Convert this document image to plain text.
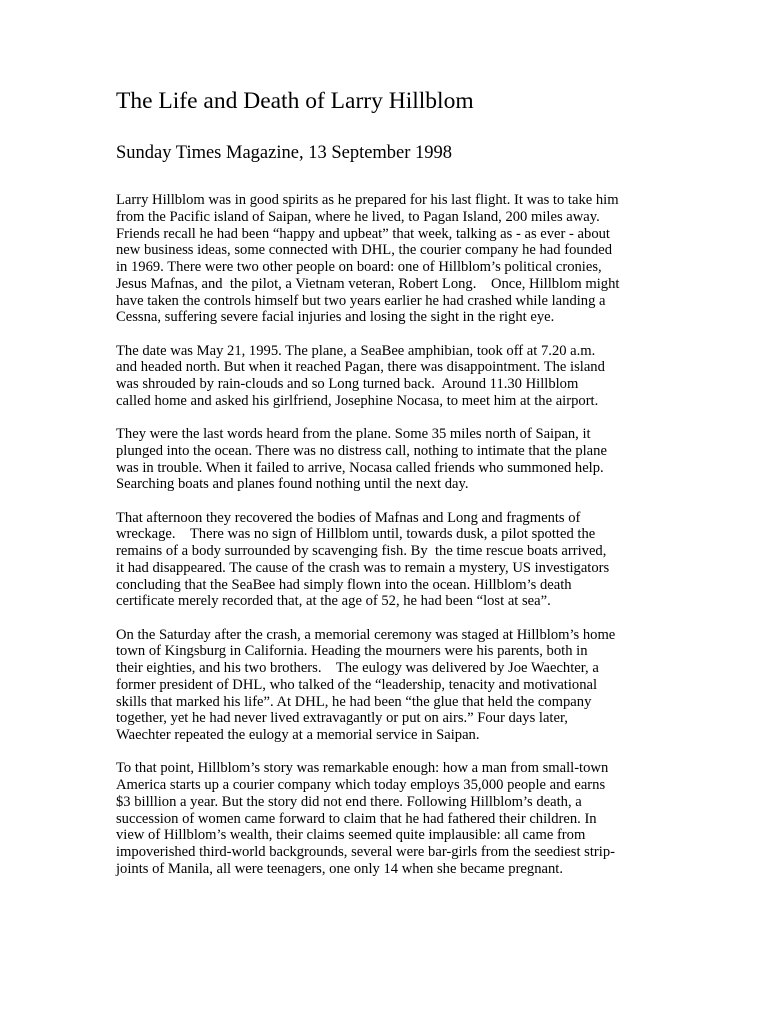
The Life and Death of Larry Hillblom
Sunday Times Magazine, 13 September 1998

Larry Hillblom was in good spirits as he prepared for his last flight. It was to take him
from the Pacific island of Saipan, where he lived, to Pagan Island, 200 miles away.
Friends recall he had been “happy and upbeat” that week, talking as - as ever - about
new business ideas, some connected with DHL, the courier company he had founded
in 1969. There were two other people on board: one of Hillblom’s political cronies,
Jesus Mafnas, and  the pilot, a Vietnam veteran, Robert Long.    Once, Hillblom might
have taken the controls himself but two years earlier he had crashed while landing a
Cessna, suffering severe facial injuries and losing the sight in the right eye.

The date was May 21, 1995. The plane, a SeaBee amphibian, took off at 7.20 a.m.
and headed north. But when it reached Pagan, there was disappointment. The island
was shrouded by rain-clouds and so Long turned back.  Around 11.30 Hillblom
called home and asked his girlfriend, Josephine Nocasa, to meet him at the airport.

They were the last words heard from the plane. Some 35 miles north of Saipan, it
plunged into the ocean. There was no distress call, nothing to intimate that the plane
was in trouble. When it failed to arrive, Nocasa called friends who summoned help.
Searching boats and planes found nothing until the next day.

That afternoon they recovered the bodies of Mafnas and Long and fragments of
wreckage.    There was no sign of Hillblom until, towards dusk, a pilot spotted the
remains of a body surrounded by scavenging fish. By  the time rescue boats arrived,
it had disappeared. The cause of the crash was to remain a mystery, US investigators
concluding that the SeaBee had simply flown into the ocean. Hillblom’s death
certificate merely recorded that, at the age of 52, he had been “lost at sea”.

On the Saturday after the crash, a memorial ceremony was staged at Hillblom’s home
town of Kingsburg in California. Heading the mourners were his parents, both in
their eighties, and his two brothers.    The eulogy was delivered by Joe Waechter, a
former president of DHL, who talked of the “leadership, tenacity and motivational
skills that marked his life”. At DHL, he had been “the glue that held the company
together, yet he had never lived extravagantly or put on airs.” Four days later,
Waechter repeated the eulogy at a memorial service in Saipan.

To that point, Hillblom’s story was remarkable enough: how a man from small-town
America starts up a courier company which today employs 35,000 people and earns
$3 billlion a year. But the story did not end there. Following Hillblom’s death, a
succession of women came forward to claim that he had fathered their children. In
view of Hillblom’s wealth, their claims seemed quite implausible: all came from
impoverished third-world backgrounds, several were bar-girls from the seediest strip-
joints of Manila, all were teenagers, one only 14 when she became pregnant.
